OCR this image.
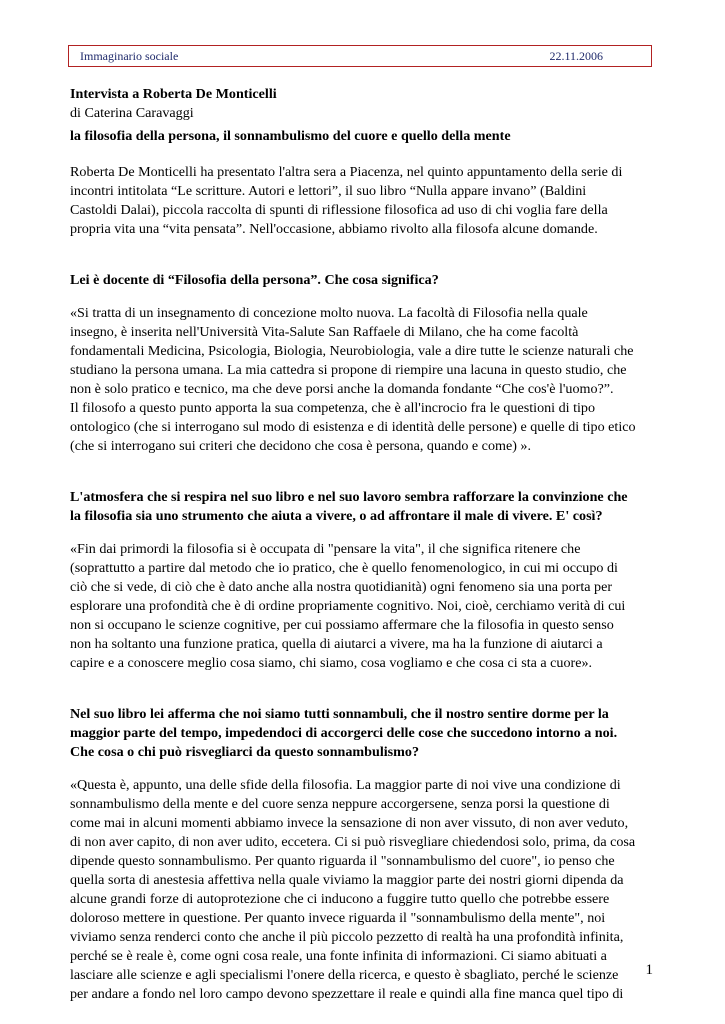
Immaginario sociale	22.11.2006

Intervista a Roberta De Monticelli

di Caterina Caravaggi

la filosofia della persona, il sonnambulismo del cuore e quello della mente

Roberta De Monticelli ha presentato l'altra sera a Piacenza, nel quinto appuntamento della serie di
incontri intitolata “Le scritture. Autori e lettori”, il suo libro “Nulla appare invano” (Baldini
Castoldi Dalai), piccola raccolta di spunti di riflessione filosofica ad uso di chi voglia fare della
propria vita una “vita pensata”. Nell'occasione, abbiamo rivolto alla filosofa alcune domande.

Lei è docente di “Filosofia della persona”. Che cosa significa?

«Si tratta di un insegnamento di concezione molto nuova. La facoltà di Filosofia nella quale
insegno, è inserita nell'Università Vita-Salute San Raffaele di Milano, che ha come facoltà
fondamentali Medicina, Psicologia, Biologia, Neurobiologia, vale a dire tutte le scienze naturali che
studiano la persona umana. La mia cattedra si propone di riempire una lacuna in questo studio, che
non è solo pratico e tecnico, ma che deve porsi anche la domanda fondante “Che cos'è l'uomo?”.
Il filosofo a questo punto apporta la sua competenza, che è all'incrocio fra le questioni di tipo
ontologico (che si interrogano sul modo di esistenza e di identità delle persone) e quelle di tipo etico
(che si interrogano sui criteri che decidono che cosa è persona, quando e come) ».

L'atmosfera che si respira nel suo libro e nel suo lavoro sembra rafforzare la convinzione che
la filosofia sia uno strumento che aiuta a vivere, o ad affrontare il male di vivere. E' così?

«Fin dai primordi la filosofia si è occupata di "pensare la vita", il che significa ritenere che
(soprattutto a partire dal metodo che io pratico, che è quello fenomenologico, in cui mi occupo di
ciò che si vede, di ciò che è dato anche alla nostra quotidianità) ogni fenomeno sia una porta per
esplorare una profondità che è di ordine propriamente cognitivo. Noi, cioè, cerchiamo verità di cui
non si occupano le scienze cognitive, per cui possiamo affermare che la filosofia in questo senso
non ha soltanto una funzione pratica, quella di aiutarci a vivere, ma ha la funzione di aiutarci a
capire e a conoscere meglio cosa siamo, chi siamo, cosa vogliamo e che cosa ci sta a cuore».

Nel suo libro lei afferma che noi siamo tutti sonnambuli, che il nostro sentire dorme per la
maggior parte del tempo, impedendoci di accorgerci delle cose che succedono intorno a noi.
Che cosa o chi può risvegliarci da questo sonnambulismo?

«Questa è, appunto, una delle sfide della filosofia. La maggior parte di noi vive una condizione di
sonnambulismo della mente e del cuore senza neppure accorgersene, senza porsi la questione di
come mai in alcuni momenti abbiamo invece la sensazione di non aver vissuto, di non aver veduto,
di non aver capito, di non aver udito, eccetera. Ci si può risvegliare chiedendosi solo, prima, da cosa
dipende questo sonnambulismo. Per quanto riguarda il "sonnambulismo del cuore", io penso che
quella sorta di anestesia affettiva nella quale viviamo la maggior parte dei nostri giorni dipenda da
alcune grandi forze di autoprotezione che ci inducono a fuggire tutto quello che potrebbe essere
doloroso mettere in questione. Per quanto invece riguarda il "sonnambulismo della mente", noi
viviamo senza renderci conto che anche il più piccolo pezzetto di realtà ha una profondità infinita,
perché se è reale è, come ogni cosa reale, una fonte infinita di informazioni. Ci siamo abituati a
lasciare alle scienze e agli specialismi l'onere della ricerca, e questo è sbagliato, perché le scienze
per andare a fondo nel loro campo devono spezzettare il reale e quindi alla fine manca quel tipo di

1
